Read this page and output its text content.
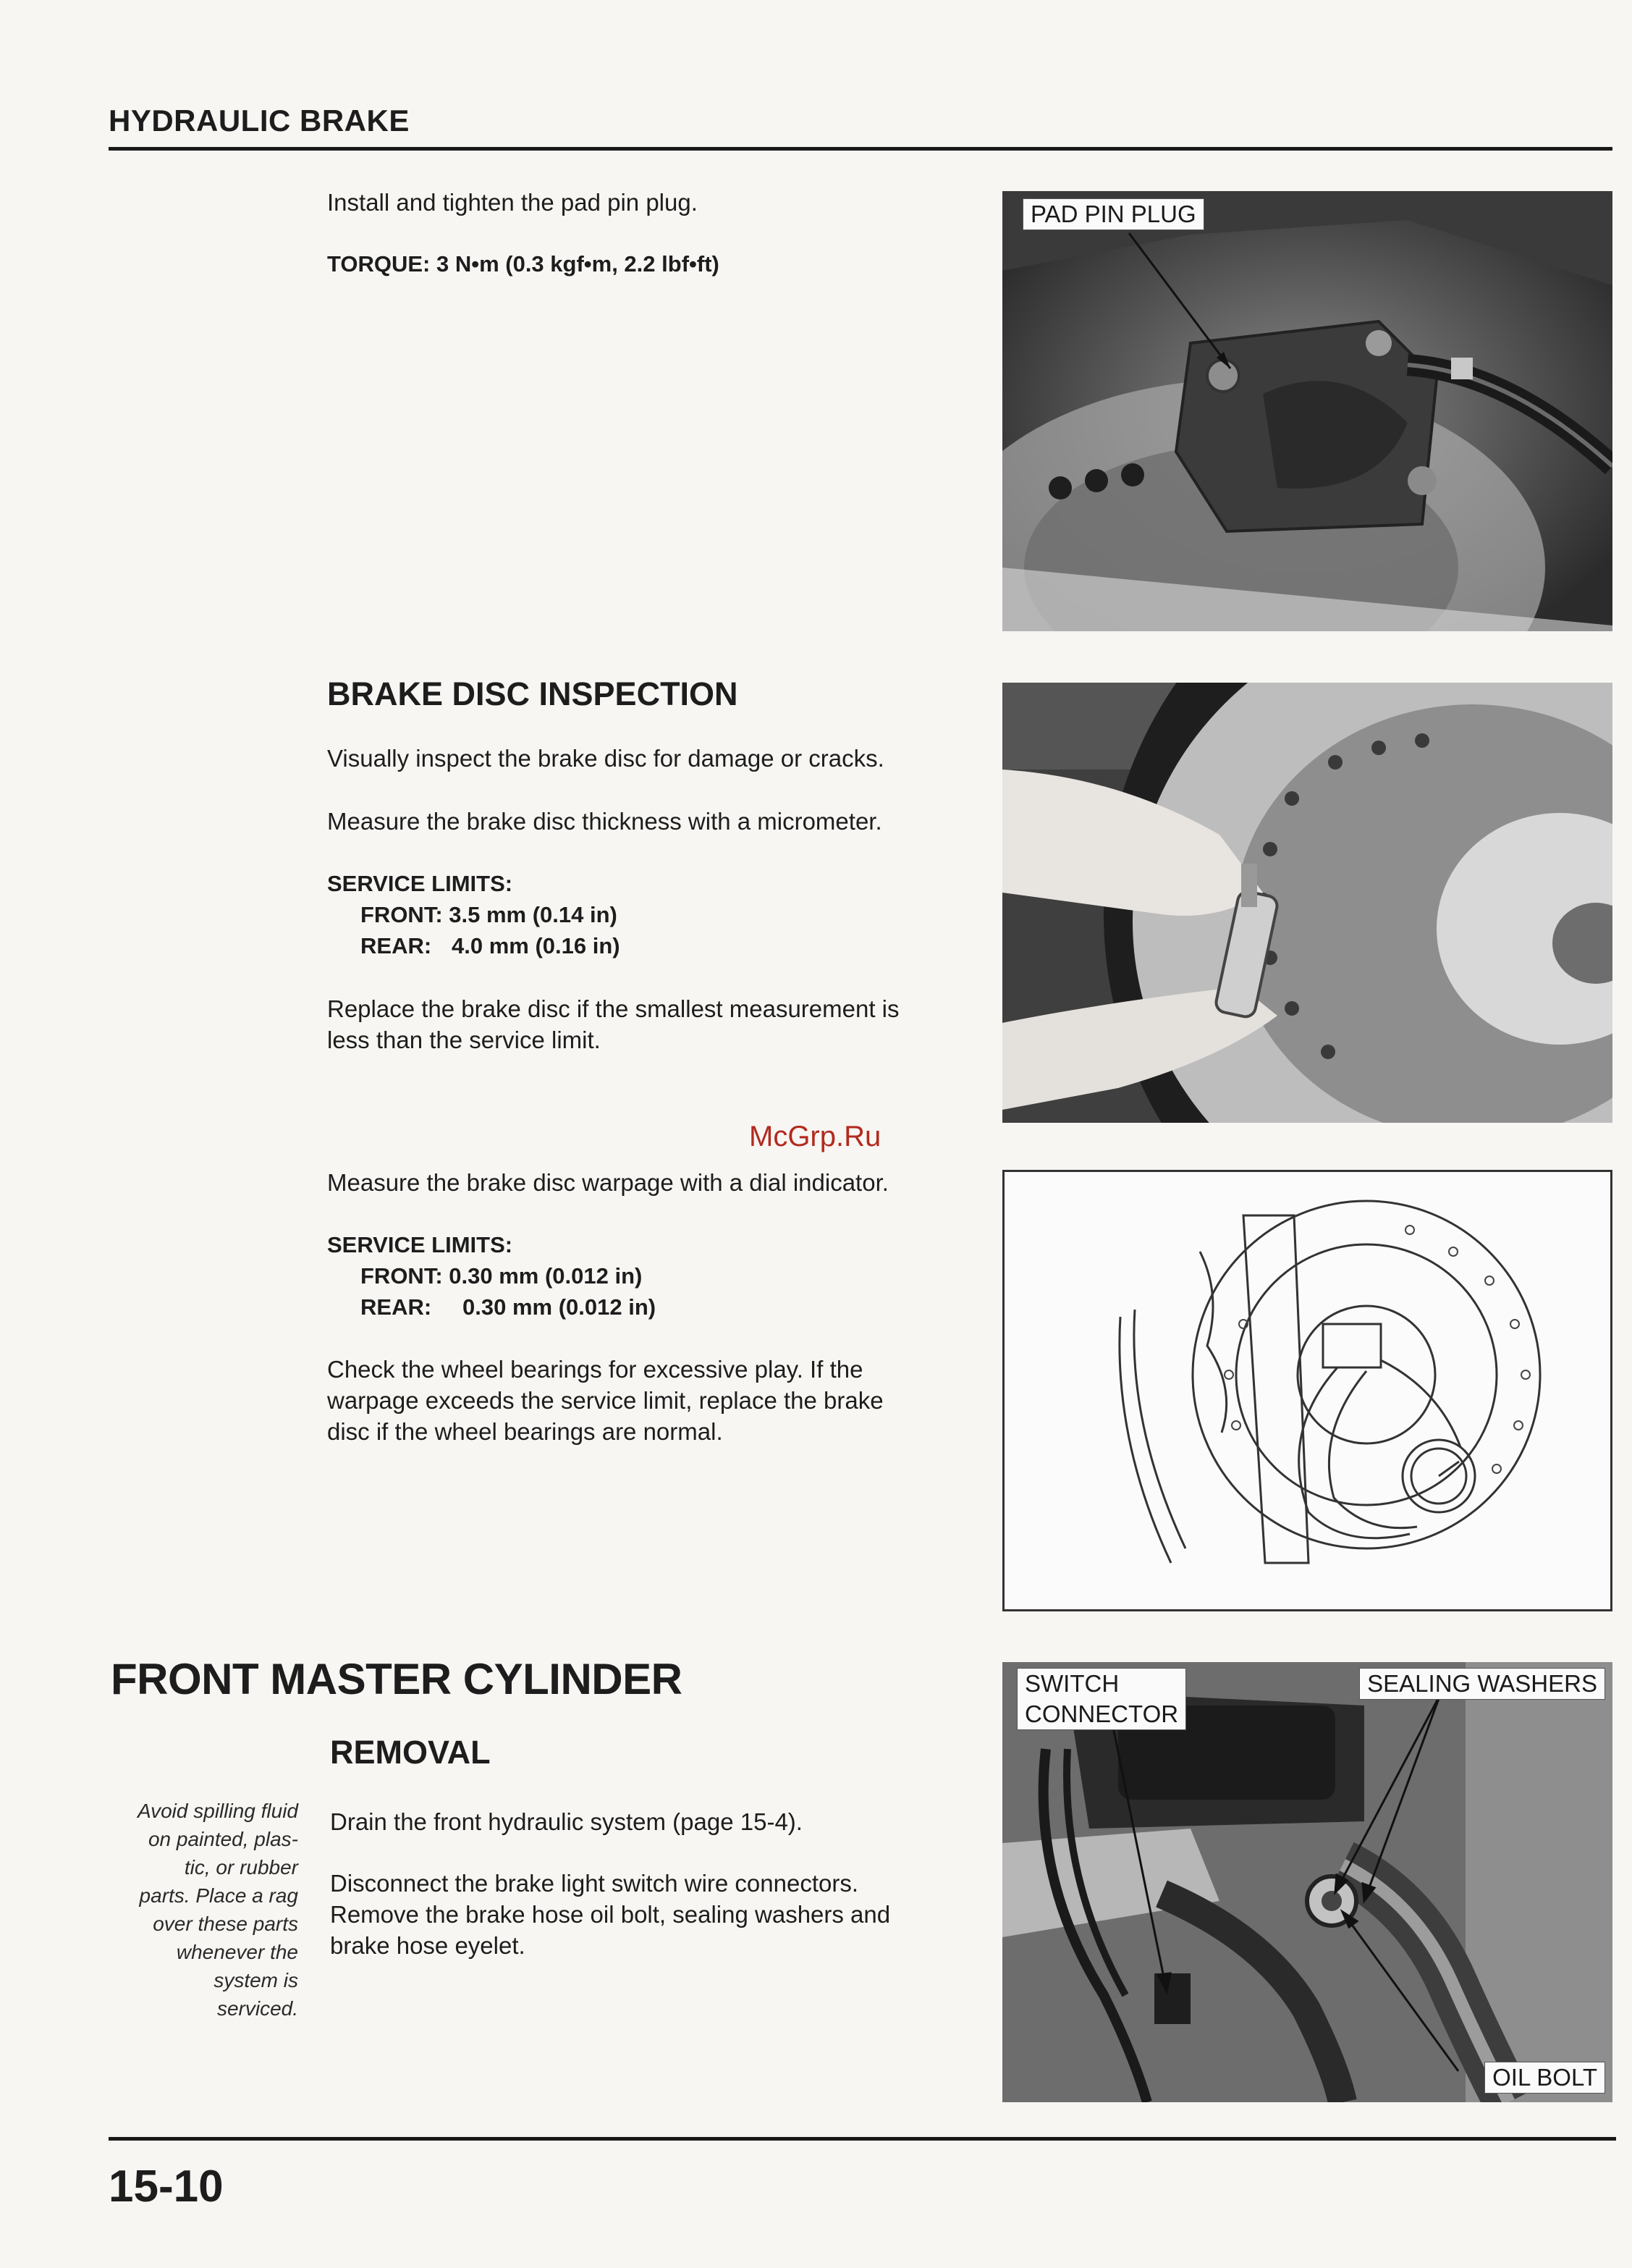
HYDRAULIC BRAKE
Install and tighten the pad pin plug.
TORQUE: 3 N•m (0.3 kgf•m, 2.2 lbf•ft)
PAD PIN PLUG
BRAKE DISC INSPECTION
Visually inspect the brake disc for damage or cracks.
Measure the brake disc thickness with a micrometer.
SERVICE LIMITS:
FRONT: 3.5 mm (0.14 in)
REAR: 4.0 mm (0.16 in)
Replace the brake disc if the smallest measurement is
less than the service limit.
McGrp.Ru
Measure the brake disc warpage with a dial indicator.
SERVICE LIMITS:
FRONT: 0.30 mm (0.012 in)
REAR: 0.30 mm (0.012 in)
Check the wheel bearings for excessive play. If the
warpage exceeds the service limit, replace the brake
disc if the wheel bearings are normal.
FRONT MASTER CYLINDER
REMOVAL
Avoid spilling fluid
on painted, plas-
tic, or rubber
parts. Place a rag
over these parts
whenever the
system is
serviced.
Drain the front hydraulic system (page 15-4).
Disconnect the brake light switch wire connectors.
Remove the brake hose oil bolt, sealing washers and
brake hose eyelet.
SWITCH
CONNECTOR
SEALING WASHERS
OIL BOLT
15-10
